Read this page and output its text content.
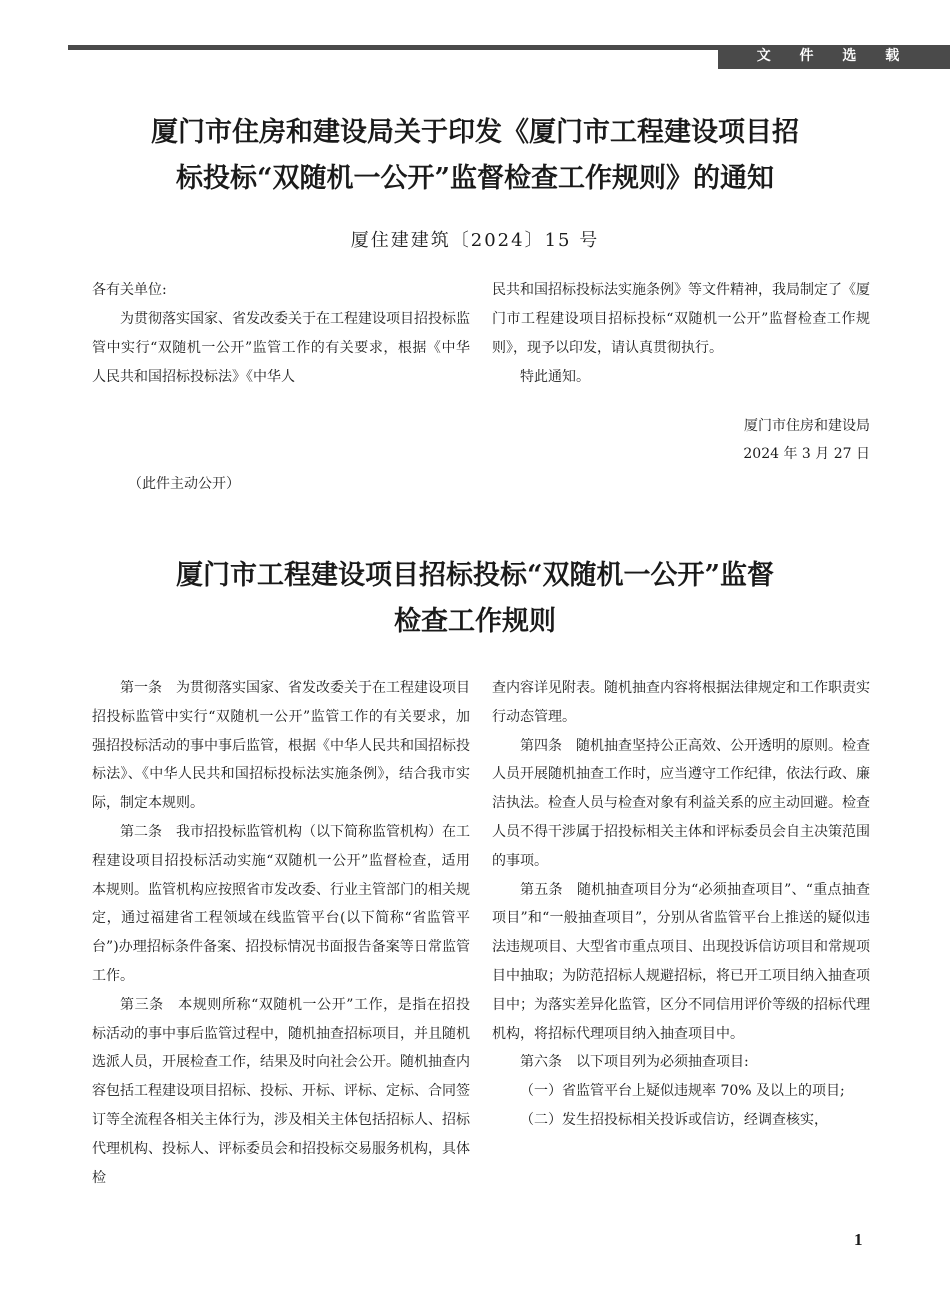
文 件 选 载
厦门市住房和建设局关于印发《厦门市工程建设项目招
标投标“双随机一公开”监督检查工作规则》的通知
厦住建建筑〔2024〕15 号

各有关单位:

为贯彻落实国家、省发改委关于在工程建设项目招投标监管中实行“双随机一公开”监管工作的有关要求，根据《中华人民共和国招标投标法》《中华人

民共和国招标投标法实施条例》等文件精神，我局制定了《厦门市工程建设项目招标投标“双随机一公开”监督检查工作规则》，现予以印发，请认真贯彻执行。

特此通知。

厦门市住房和建设局
2024 年 3 月 27 日
（此件主动公开）
厦门市工程建设项目招标投标“双随机一公开”监督
检查工作规则

第一条　为贯彻落实国家、省发改委关于在工程建设项目招投标监管中实行“双随机一公开”监管工作的有关要求，加强招投标活动的事中事后监管，根据《中华人民共和国招标投标法》、《中华人民共和国招标投标法实施条例》，结合我市实际，制定本规则。

第二条　我市招投标监管机构（以下简称监管机构）在工程建设项目招投标活动实施“双随机一公开”监督检查，适用本规则。监管机构应按照省市发改委、行业主管部门的相关规定，通过福建省工程领域在线监管平台(以下简称“省监管平台”)办理招标条件备案、招投标情况书面报告备案等日常监管工作。

第三条　本规则所称“双随机一公开”工作，是指在招投标活动的事中事后监管过程中，随机抽查招标项目，并且随机选派人员，开展检查工作，结果及时向社会公开。随机抽查内容包括工程建设项目招标、投标、开标、评标、定标、合同签订等全流程各相关主体行为，涉及相关主体包括招标人、招标代理机构、投标人、评标委员会和招投标交易服务机构，具体检

查内容详见附表。随机抽查内容将根据法律规定和工作职责实行动态管理。

第四条　随机抽查坚持公正高效、公开透明的原则。检查人员开展随机抽查工作时，应当遵守工作纪律，依法行政、廉洁执法。检查人员与检查对象有利益关系的应主动回避。检查人员不得干涉属于招投标相关主体和评标委员会自主决策范围的事项。

第五条　随机抽查项目分为“必须抽查项目”、“重点抽查项目”和“一般抽查项目”，分别从省监管平台上推送的疑似违法违规项目、大型省市重点项目、出现投诉信访项目和常规项目中抽取；为防范招标人规避招标，将已开工项目纳入抽查项目中；为落实差异化监管，区分不同信用评价等级的招标代理机构，将招标代理项目纳入抽查项目中。

第六条　以下项目列为必须抽查项目:

（一）省监管平台上疑似违规率 70% 及以上的项目;

（二）发生招投标相关投诉或信访，经调查核实，

1
